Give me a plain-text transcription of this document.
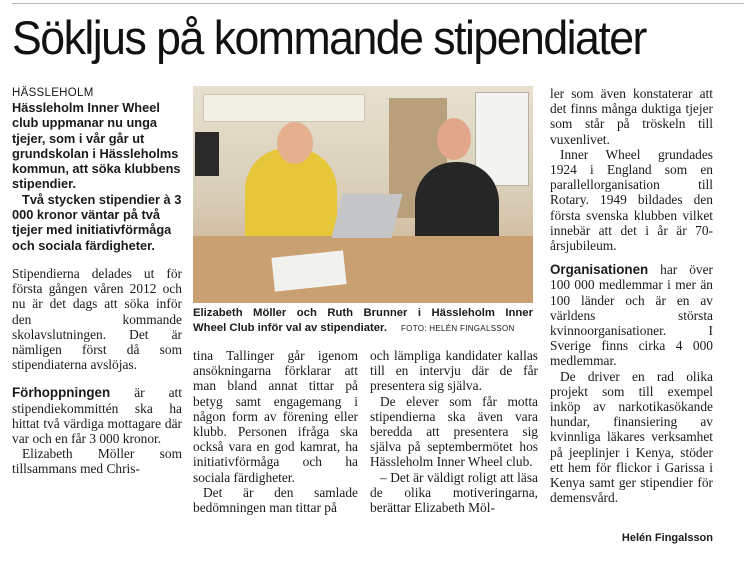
Sökljus på kommande stipendiater

HÄSSLEHOLM

Hässleholm Inner Wheel club uppmanar nu unga tjejer, som i vår går ut grundskolan i Hässleholms kommun, att söka klubbens stipendier.

Två stycken stipendier à 3 000 kronor väntar på två tjejer med initiativförmåga och sociala färdigheter.

Stipendierna delades ut för första gången våren 2012 och nu är det dags att söka inför den kommande skolavslutningen. Det är nämligen först då som stipendiaterna avslöjas.

Förhoppningen är att stipendiekommittén ska ha hittat två värdiga mottagare där var och en får 3 000 kronor.

Elizabeth Möller som tillsammans med Chris-

Elizabeth Möller och Ruth Brunner i Hässleholm Inner
Wheel Club inför val av stipendiater. FOTO: HELÉN FINGALSSON

tina Tallinger går igenom ansökningarna förklarar att man bland annat tittar på betyg samt engagemang i någon form av förening eller klubb. Personen ifråga ska också vara en god kamrat, ha initiativförmåga och ha sociala färdigheter.

Det är den samlade bedömningen man tittar på

och lämpliga kandidater kallas till en intervju där de får presentera sig själva.

De elever som får motta stipendierna ska även vara beredda att presentera sig själva på septembermötet hos Hässleholm Inner Wheel club.

– Det är väldigt roligt att läsa de olika motiveringarna, berättar Elizabeth Möl-

ler som även konstaterar att det finns många duktiga tjejer som står på tröskeln till vuxenlivet.

Inner Wheel grundades 1924 i England som en parallellorganisation till Rotary. 1949 bildades den första svenska klubben vilket innebär att det i år är 70-årsjubileum.

Organisationen har över 100 000 medlemmar i mer än 100 länder och är en av världens största kvinnoorganisationer. I Sverige finns cirka 4 000 medlemmar.

De driver en rad olika projekt som till exempel inköp av narkotikasökande hundar, finansiering av kvinnliga läkares verksamhet på jeeplinjer i Kenya, stöder ett hem för flickor i Garissa i Kenya samt ger stipendier för demensvård.

Helén Fingalsson
